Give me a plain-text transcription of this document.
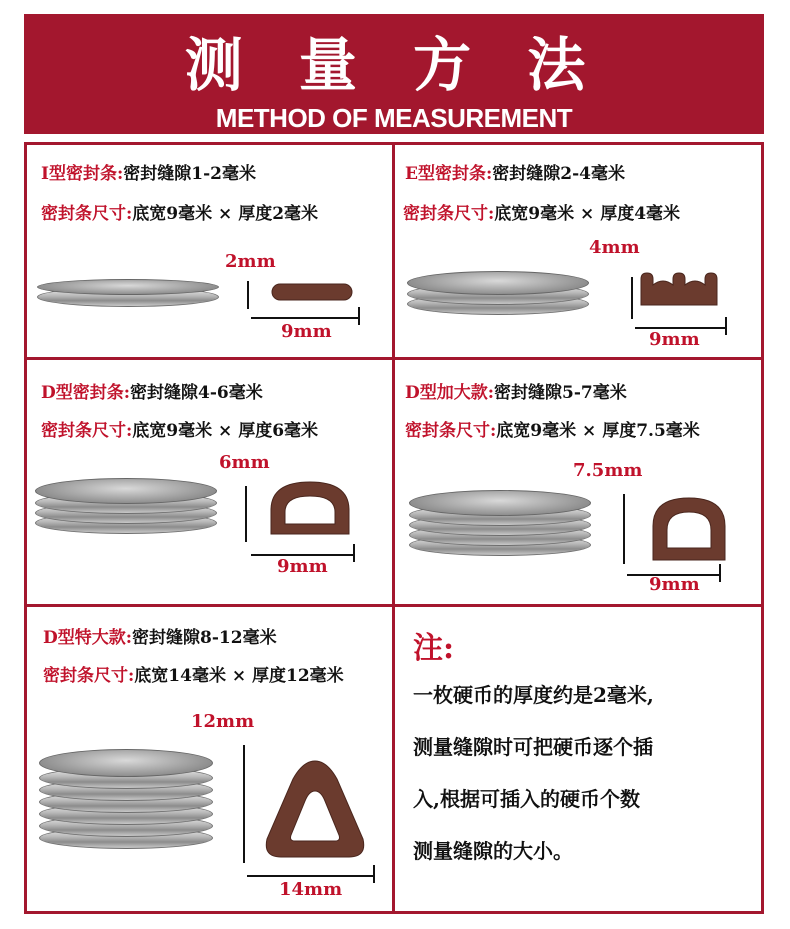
测 量 方 法
METHOD OF MEASUREMENT
I型密封条:密封缝隙1-2毫米
密封条尺寸:底宽9毫米 × 厚度2毫米
2mm
9mm
E型密封条:密封缝隙2-4毫米
密封条尺寸:底宽9毫米 × 厚度4毫米
4mm
9mm
D型密封条:密封缝隙4-6毫米
密封条尺寸:底宽9毫米 × 厚度6毫米
6mm
9mm
D型加大款:密封缝隙5-7毫米
密封条尺寸:底宽9毫米 × 厚度7.5毫米
7.5mm
9mm
D型特大款:密封缝隙8-12毫米
密封条尺寸:底宽14毫米 × 厚度12毫米
12mm
14mm
注:
一枚硬币的厚度约是2毫米,
测量缝隙时可把硬币逐个插
入,根据可插入的硬币个数
测量缝隙的大小。
